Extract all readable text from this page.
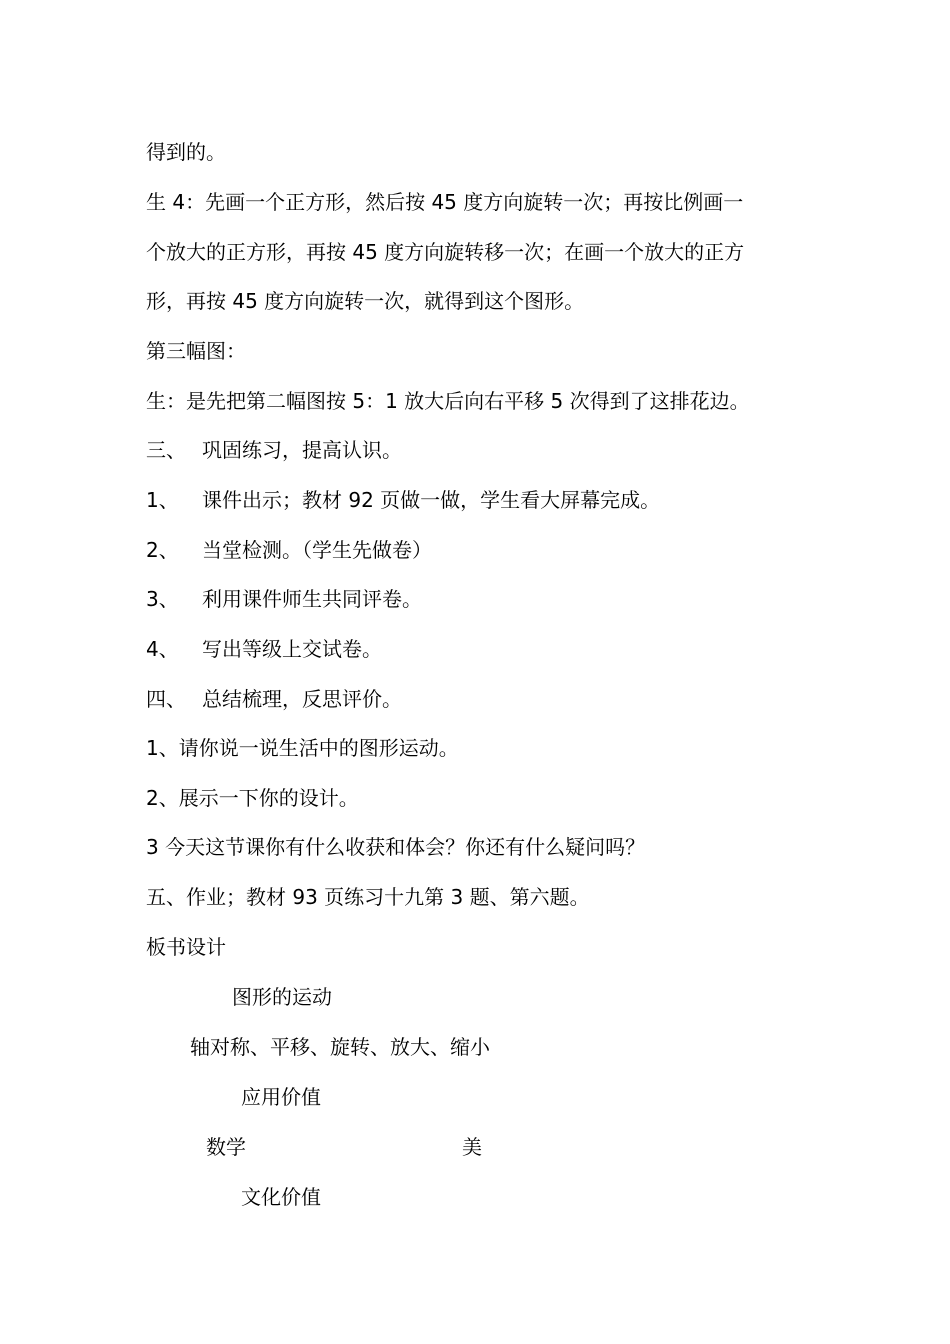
得到的。
生 4：先画一个正方形，然后按 45 度方向旋转一次；再按比例画一
个放大的正方形，再按 45 度方向旋转移一次；在画一个放大的正方
形，再按 45 度方向旋转一次，就得到这个图形。
第三幅图：
生：是先把第二幅图按 5：1 放大后向右平移 5 次得到了这排花边。
三、 巩固练习，提高认识。
1、 课件出示；教材 92 页做一做，学生看大屏幕完成。
2、 当堂检测。（学生先做卷）
3、 利用课件师生共同评卷。
4、 写出等级上交试卷。
四、 总结梳理，反思评价。
1、请你说一说生活中的图形运动。
2、展示一下你的设计。
3 今天这节课你有什么收获和体会？你还有什么疑问吗？
五、作业；教材 93 页练习十九第 3 题、第六题。
板书设计
图形的运动
轴对称、平移、旋转、放大、缩小
应用价值
数学	美
文化价值
